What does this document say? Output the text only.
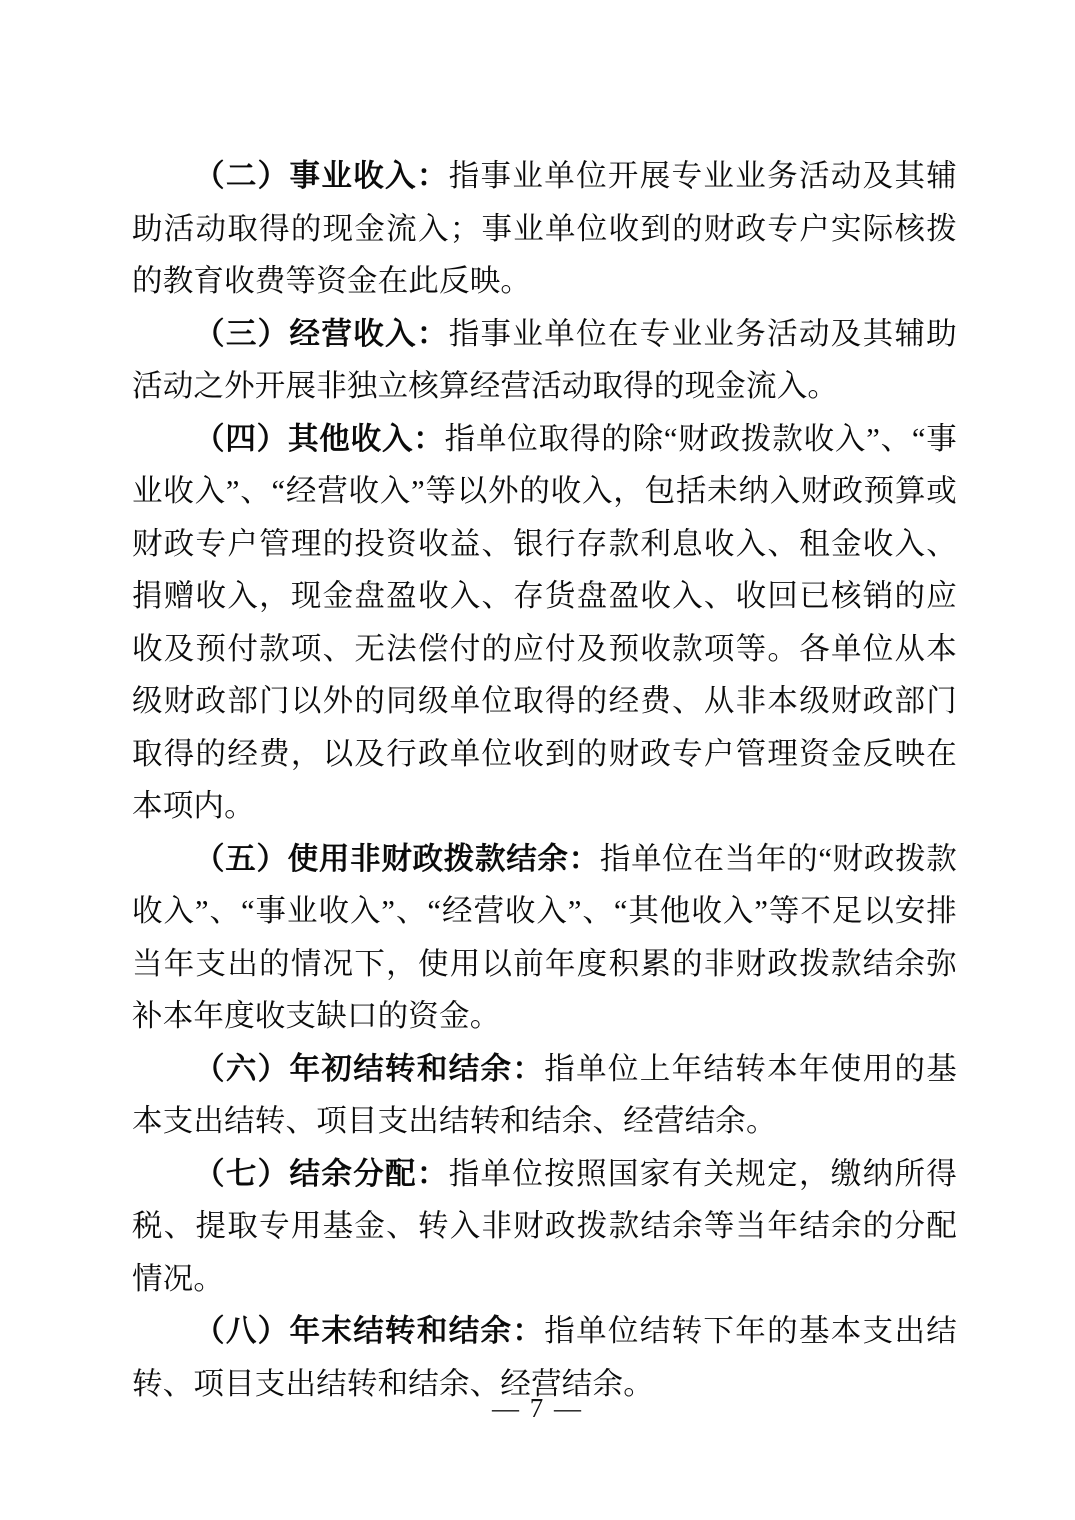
（二）事业收入：指事业单位开展专业业务活动及其辅助活动取得的现金流入；事业单位收到的财政专户实际核拨的教育收费等资金在此反映。

（三）经营收入：指事业单位在专业业务活动及其辅助活动之外开展非独立核算经营活动取得的现金流入。

（四）其他收入：指单位取得的除“财政拨款收入”、“事业收入”、“经营收入”等以外的收入，包括未纳入财政预算或财政专户管理的投资收益、银行存款利息收入、租金收入、捐赠收入，现金盘盈收入、存货盘盈收入、收回已核销的应收及预付款项、无法偿付的应付及预收款项等。各单位从本级财政部门以外的同级单位取得的经费、从非本级财政部门取得的经费，以及行政单位收到的财政专户管理资金反映在本项内。

（五）使用非财政拨款结余：指单位在当年的“财政拨款收入”、“事业收入”、“经营收入”、“其他收入”等不足以安排当年支出的情况下，使用以前年度积累的非财政拨款结余弥补本年度收支缺口的资金。

（六）年初结转和结余：指单位上年结转本年使用的基本支出结转、项目支出结转和结余、经营结余。

（七）结余分配：指单位按照国家有关规定，缴纳所得税、提取专用基金、转入非财政拨款结余等当年结余的分配情况。

（八）年末结转和结余：指单位结转下年的基本支出结转、项目支出结转和结余、经营结余。

— 7 —
